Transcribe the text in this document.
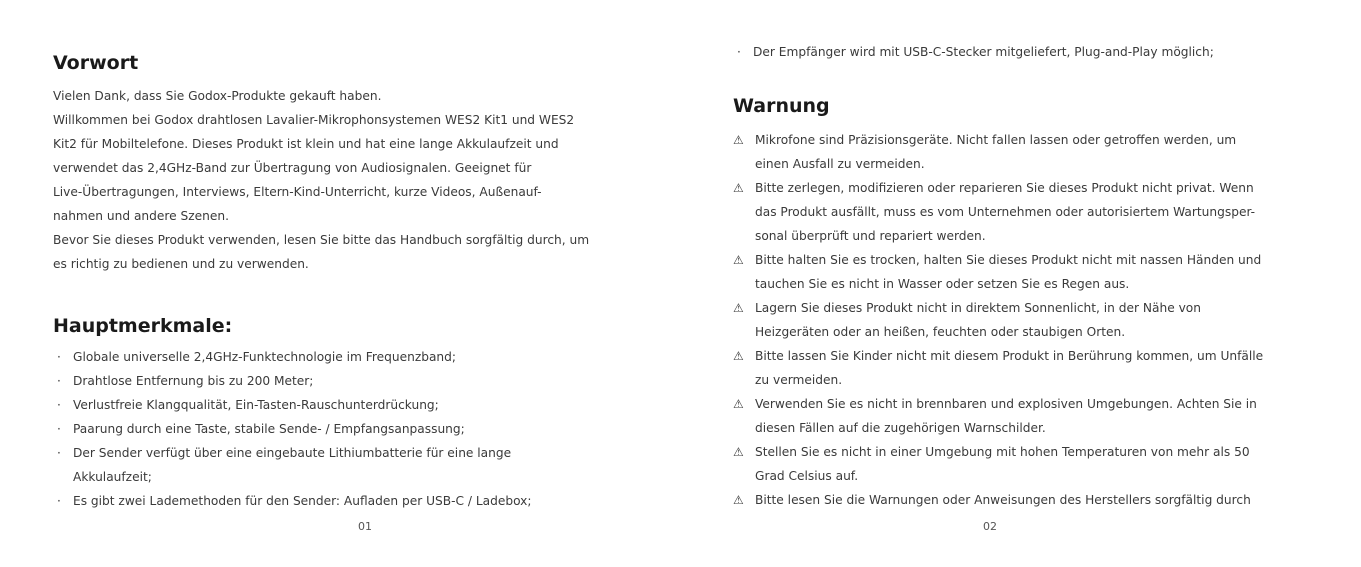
Vorwort
Vielen Dank, dass Sie Godox-Produkte gekauft haben.
Willkommen bei Godox drahtlosen Lavalier-Mikrophonsystemen WES2 Kit1 und WES2
Kit2 für Mobiltelefone. Dieses Produkt ist klein und hat eine lange Akkulaufzeit und
verwendet das 2,4GHz-Band zur Übertragung von Audiosignalen. Geeignet für
Live-Übertragungen, Interviews, Eltern-Kind-Unterricht, kurze Videos, Außenauf-
nahmen und andere Szenen.
Bevor Sie dieses Produkt verwenden, lesen Sie bitte das Handbuch sorgfältig durch, um
es richtig zu bedienen und zu verwenden.
Hauptmerkmale:
· Globale universelle 2,4GHz-Funktechnologie im Frequenzband;
· Drahtlose Entfernung bis zu 200 Meter;
· Verlustfreie Klangqualität, Ein-Tasten-Rauschunterdrückung;
· Paarung durch eine Taste, stabile Sende- / Empfangsanpassung;
· Der Sender verfügt über eine eingebaute Lithiumbatterie für eine lange
Akkulaufzeit;
· Es gibt zwei Lademethoden für den Sender: Aufladen per USB-C / Ladebox;
01
· Der Empfänger wird mit USB-C-Stecker mitgeliefert, Plug-and-Play möglich;
Warnung
⚠ Mikrofone sind Präzisionsgeräte. Nicht fallen lassen oder getroffen werden, um
einen Ausfall zu vermeiden.
⚠ Bitte zerlegen, modifizieren oder reparieren Sie dieses Produkt nicht privat. Wenn
das Produkt ausfällt, muss es vom Unternehmen oder autorisiertem Wartungsper-
sonal überprüft und repariert werden.
⚠ Bitte halten Sie es trocken, halten Sie dieses Produkt nicht mit nassen Händen und
tauchen Sie es nicht in Wasser oder setzen Sie es Regen aus.
⚠ Lagern Sie dieses Produkt nicht in direktem Sonnenlicht, in der Nähe von
Heizgeräten oder an heißen, feuchten oder staubigen Orten.
⚠ Bitte lassen Sie Kinder nicht mit diesem Produkt in Berührung kommen, um Unfälle
zu vermeiden.
⚠ Verwenden Sie es nicht in brennbaren und explosiven Umgebungen. Achten Sie in
diesen Fällen auf die zugehörigen Warnschilder.
⚠ Stellen Sie es nicht in einer Umgebung mit hohen Temperaturen von mehr als 50
Grad Celsius auf.
⚠ Bitte lesen Sie die Warnungen oder Anweisungen des Herstellers sorgfältig durch
02
